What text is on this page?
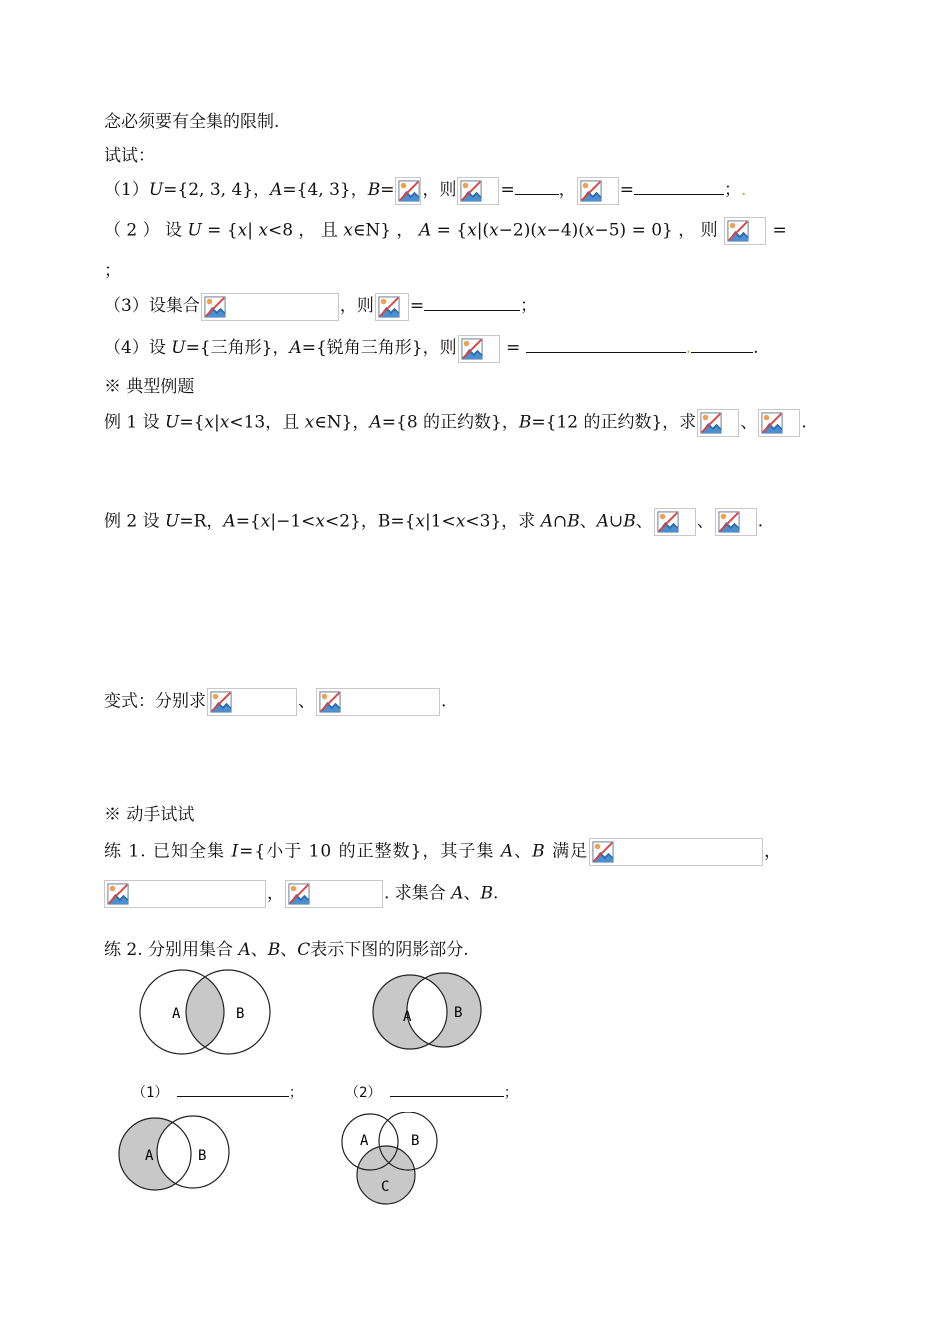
念必须要有全集的限制.
试试：
（1）U={2, 3, 4}，A={4, 3}，B= ，则	=	，	=	；.
（ 2 ） 设 U = {x| x<8 ， 且 x∈N} ， A = {x|(x−2)(x−4)(x−5) = 0} ， 则	=
；
（3）设集合	，则 =	；
（4）设 U={三角形}，A={锐角三角形}，则	=	.	.
※ 典型例题
例 1 设 U={x|x<13，且 x∈N}，A={8 的正约数}，B={12 的正约数}，求	、	.
例 2 设 U=R，A={x|−1<x<2}，B={x|1<x<3}，求 A∩B、A∪B、	、	.
变式：分别求	、	.
※ 动手试试
练 1. 已知全集 I={小于 10 的正整数}，其子集 A、B 满足	，
，	. 求集合 A、B.
练 2. 分别用集合 A、B、C表示下图的阴影部分.
A	B	A	B
（1）	；	（2）	；
A	B
A	B
C
